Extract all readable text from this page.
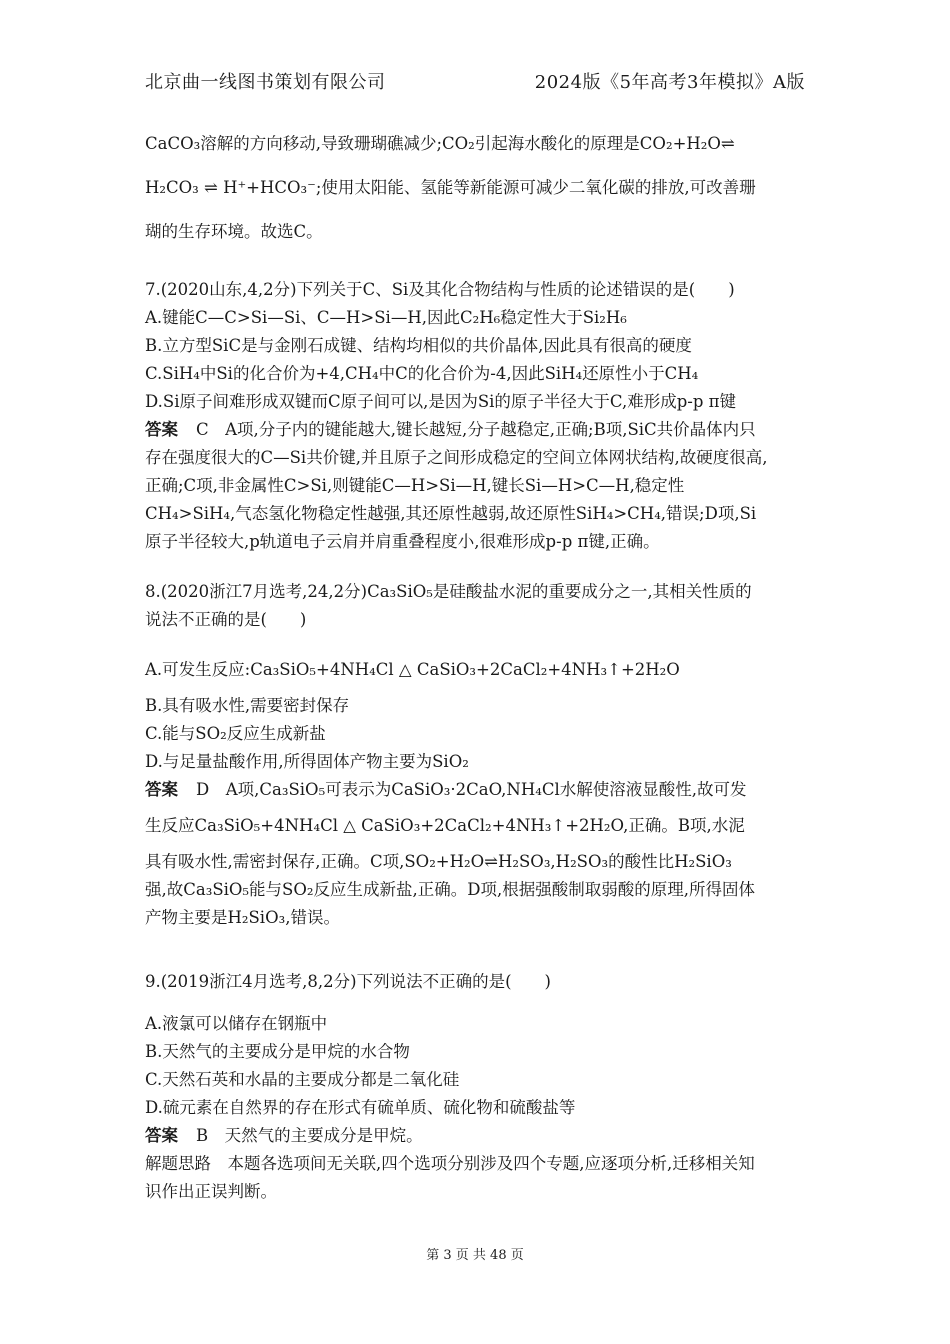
北京曲一线图书策划有限公司	2024版《5年高考3年模拟》A版
CaCO₃溶解的方向移动,导致珊瑚礁减少;CO₂引起海水酸化的原理是CO₂+H₂O⇌
H₂CO₃ ⇌ H⁺+HCO₃⁻;使用太阳能、氢能等新能源可减少二氧化碳的排放,可改善珊
瑚的生存环境。故选C。
7.(2020山东,4,2分)下列关于C、Si及其化合物结构与性质的论述错误的是(　　)
A.键能C—C>Si—Si、C—H>Si—H,因此C₂H₆稳定性大于Si₂H₆
B.立方型SiC是与金刚石成键、结构均相似的共价晶体,因此具有很高的硬度
C.SiH₄中Si的化合价为+4,CH₄中C的化合价为-4,因此SiH₄还原性小于CH₄
D.Si原子间难形成双键而C原子间可以,是因为Si的原子半径大于C,难形成p-p π键
答案 C　A项,分子内的键能越大,键长越短,分子越稳定,正确;B项,SiC共价晶体内只
存在强度很大的C—Si共价键,并且原子之间形成稳定的空间立体网状结构,故硬度很高,
正确;C项,非金属性C>Si,则键能C—H>Si—H,键长Si—H>C—H,稳定性
CH₄>SiH₄,气态氢化物稳定性越强,其还原性越弱,故还原性SiH₄>CH₄,错误;D项,Si
原子半径较大,p轨道电子云肩并肩重叠程度小,很难形成p-p π键,正确。
8.(2020浙江7月选考,24,2分)Ca₃SiO₅是硅酸盐水泥的重要成分之一,其相关性质的
说法不正确的是(　　)
A.可发生反应:Ca₃SiO₅+4NH₄Cl △ CaSiO₃+2CaCl₂+4NH₃↑+2H₂O
B.具有吸水性,需要密封保存
C.能与SO₂反应生成新盐
D.与足量盐酸作用,所得固体产物主要为SiO₂
答案 D　A项,Ca₃SiO₅可表示为CaSiO₃·2CaO,NH₄Cl水解使溶液显酸性,故可发
生反应Ca₃SiO₅+4NH₄Cl △ CaSiO₃+2CaCl₂+4NH₃↑+2H₂O,正确。B项,水泥
具有吸水性,需密封保存,正确。C项,SO₂+H₂O⇌H₂SO₃,H₂SO₃的酸性比H₂SiO₃
强,故Ca₃SiO₅能与SO₂反应生成新盐,正确。D项,根据强酸制取弱酸的原理,所得固体
产物主要是H₂SiO₃,错误。
9.(2019浙江4月选考,8,2分)下列说法不正确的是(　　)
A.液氯可以储存在钢瓶中
B.天然气的主要成分是甲烷的水合物
C.天然石英和水晶的主要成分都是二氧化硅
D.硫元素在自然界的存在形式有硫单质、硫化物和硫酸盐等
答案 B　天然气的主要成分是甲烷。
解题思路　本题各选项间无关联,四个选项分别涉及四个专题,应逐项分析,迁移相关知
识作出正误判断。
第 3 页 共 48 页
